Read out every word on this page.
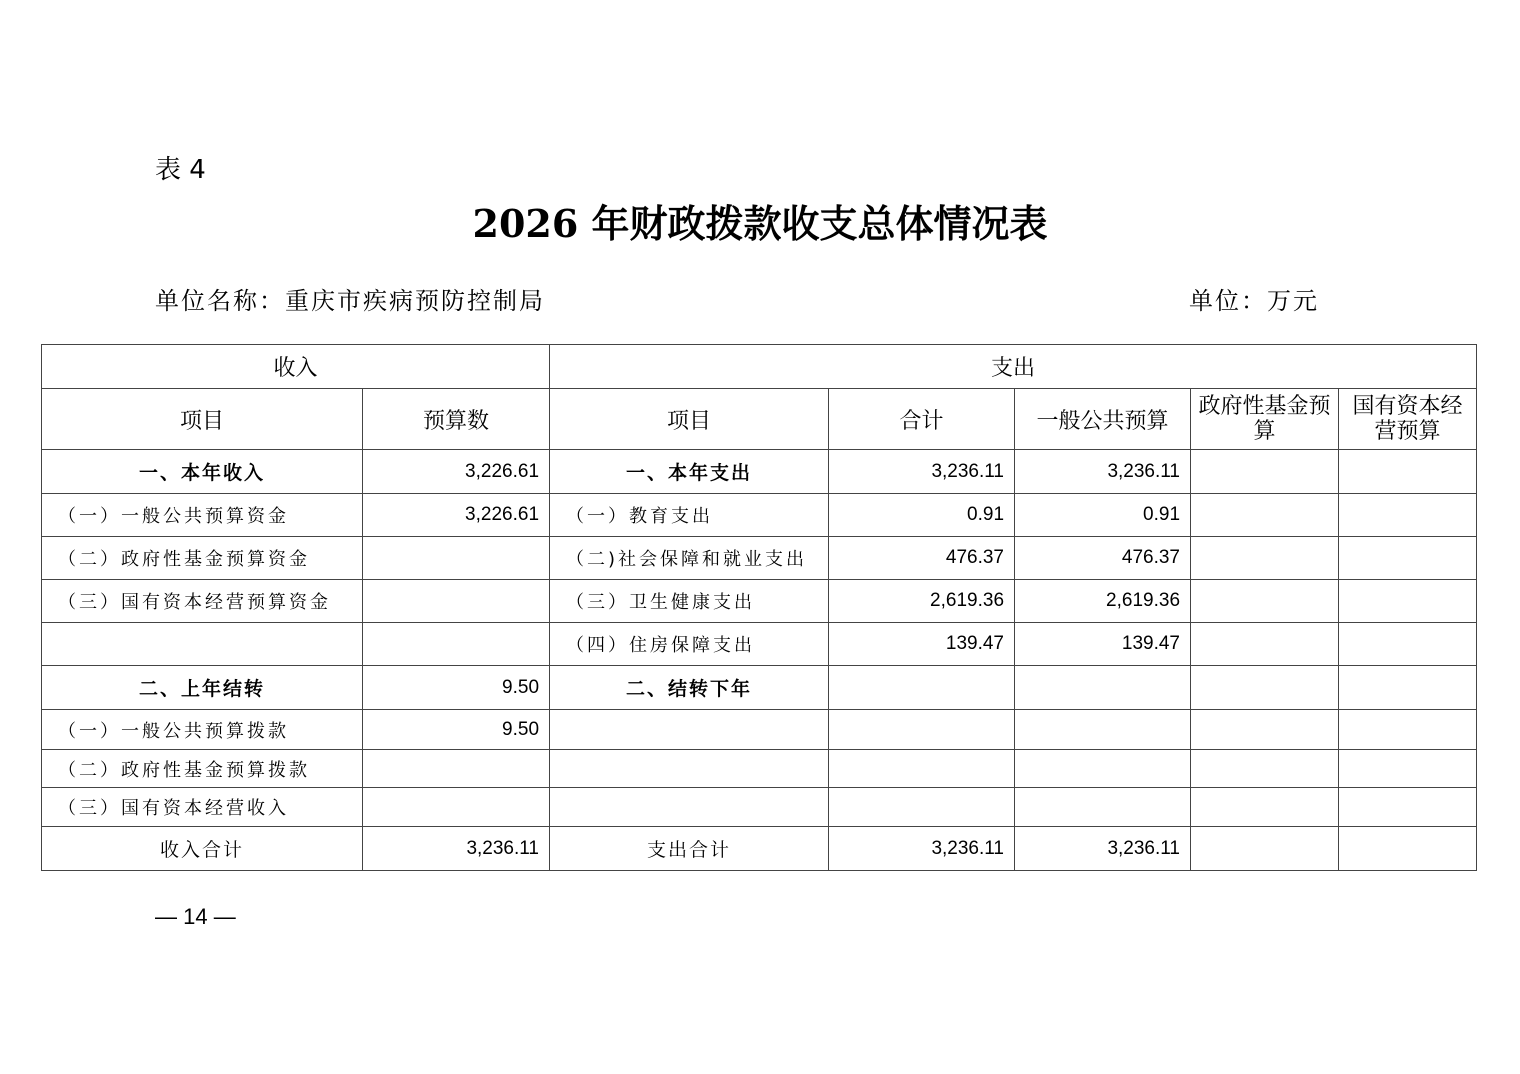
表 4
2026 年财政拨款收支总体情况表
单位名称：重庆市疾病预防控制局	单位：万元
收入		支出				
项目	预算数	项目	合计	一般公共预算	政府性基金预算	国有资本经营预算
一、本年收入	3,226.61	一、本年支出	3,236.11	3,236.11		
（一）一般公共预算资金	3,226.61	（一）教育支出	0.91	0.91		
（二）政府性基金预算资金		（二)社会保障和就业支出	476.37	476.37		
（三）国有资本经营预算资金		（三）卫生健康支出	2,619.36	2,619.36		
		（四）住房保障支出	139.47	139.47		
二、上年结转	9.50	二、结转下年				
（一）一般公共预算拨款	9.50					
（二）政府性基金预算拨款						
（三）国有资本经营收入						
收入合计	3,236.11	支出合计	3,236.11	3,236.11		
— 14 —
